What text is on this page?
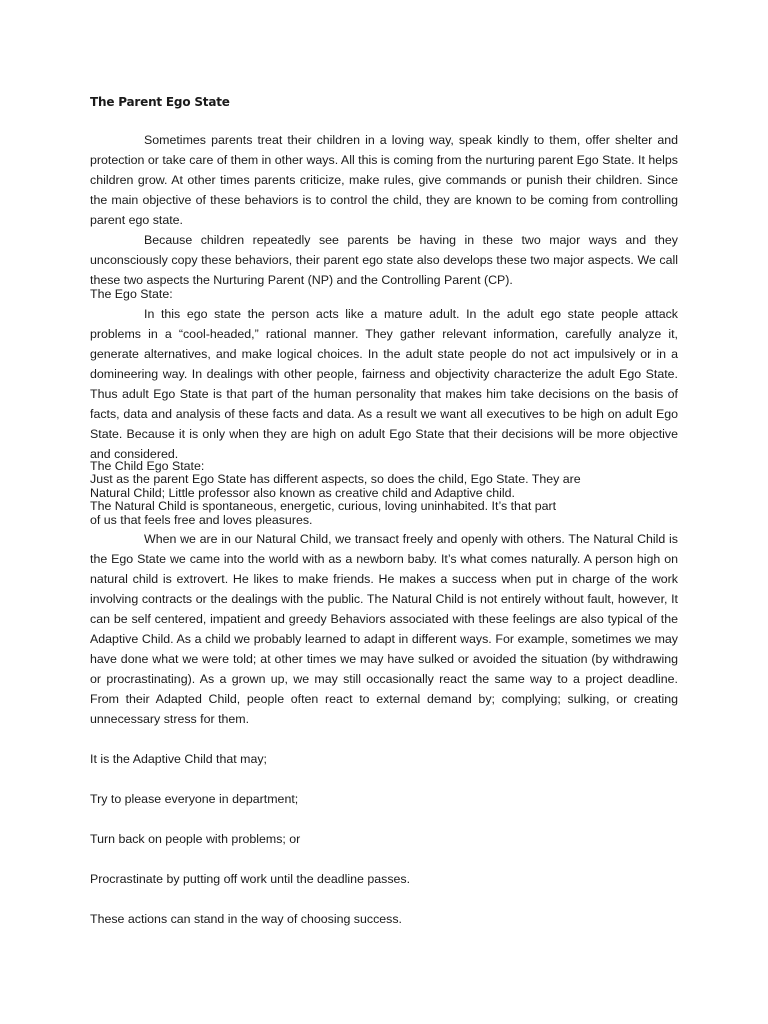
The Parent Ego State

Sometimes parents treat their children in a loving way, speak kindly to them, offer shelter and protection or take care of them in other ways. All this is coming from the nurturing parent Ego State. It helps children grow. At other times parents criticize, make rules, give commands or punish their children. Since the main objective of these behaviors is to control the child, they are known to be coming from controlling parent ego state.

Because children repeatedly see parents be having in these two major ways and they unconsciously copy these behaviors, their parent ego state also develops these two major aspects. We call these two aspects the Nurturing Parent (NP) and the Controlling Parent (CP).

The Ego State:

In this ego state the person acts like a mature adult. In the adult ego state people attack problems in a “cool-headed,” rational manner. They gather relevant information, carefully analyze it, generate alternatives, and make logical choices. In the adult state people do not act impulsively or in a domineering way. In dealings with other people, fairness and objectivity characterize the adult Ego State. Thus adult Ego State is that part of the human personality that makes him take decisions on the basis of facts, data and analysis of these facts and data. As a result we want all executives to be high on adult Ego State. Because it is only when they are high on adult Ego State that their decisions will be more objective and considered.

The Child Ego State:

Just as the parent Ego State has different aspects, so does the child, Ego State. They are

Natural Child; Little professor also known as creative child and Adaptive child.

The Natural Child is spontaneous, energetic, curious, loving uninhabited. It’s that part

of us that feels free and loves pleasures.

When we are in our Natural Child, we transact freely and openly with others. The Natural Child is the Ego State we came into the world with as a newborn baby. It’s what comes naturally. A person high on natural child is extrovert. He likes to make friends. He makes a success when put in charge of the work involving contracts or the dealings with the public. The Natural Child is not entirely without fault, however, It can be self centered, impatient and greedy Behaviors associated with these feelings are also typical of the Adaptive Child. As a child we probably learned to adapt in different ways. For example, sometimes we may have done what we were told; at other times we may have sulked or avoided the situation (by withdrawing or procrastinating). As a grown up, we may still occasionally react the same way to a project deadline. From their Adapted Child, people often react to external demand by; complying; sulking, or creating unnecessary stress for them.

It is the Adaptive Child that may;

Try to please everyone in department;

Turn back on people with problems; or

Procrastinate by putting off work until the deadline passes.

These actions can stand in the way of choosing success.
